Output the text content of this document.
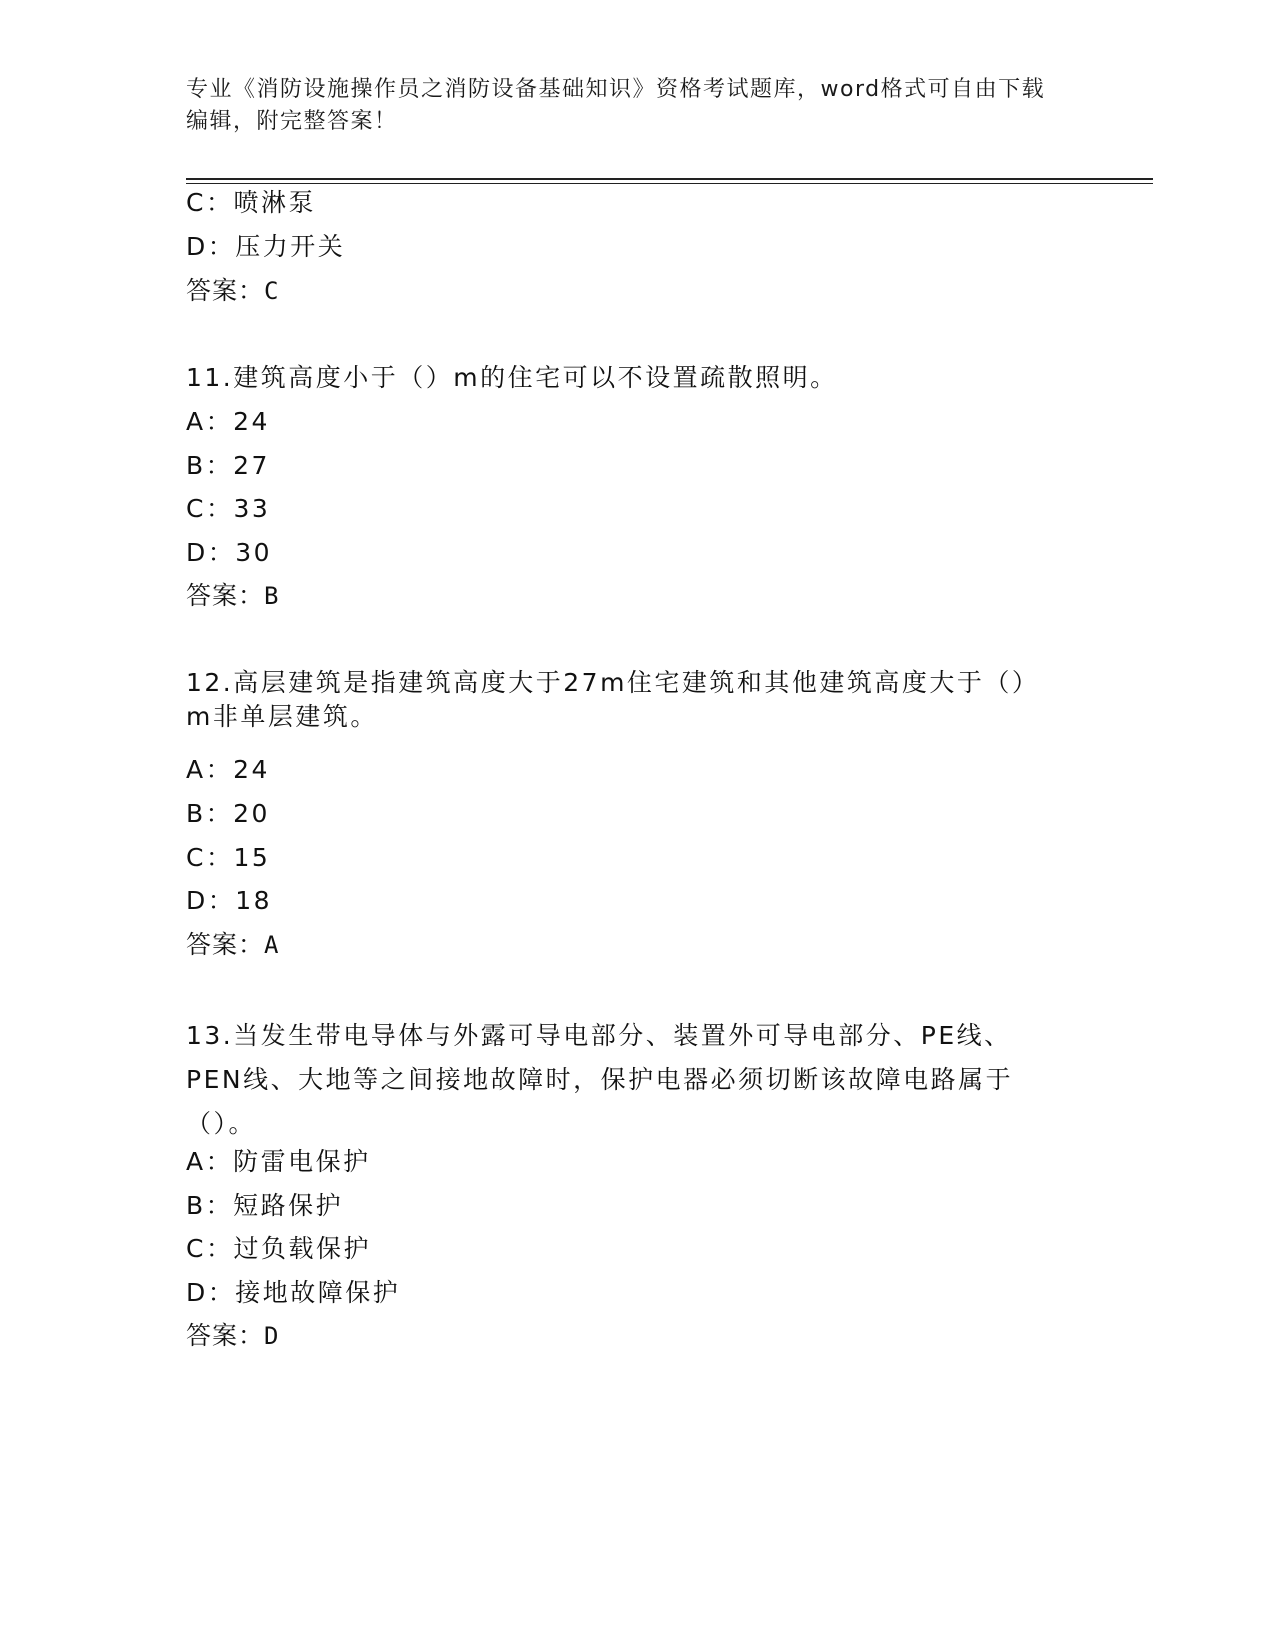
专业《消防设施操作员之消防设备基础知识》资格考试题库，word格式可自由下载编辑，附完整答案！
C：喷淋泵
D：压力开关
答案：C
11.建筑高度小于（）m的住宅可以不设置疏散照明。
A：24
B：27
C：33
D：30
答案：B
12.高层建筑是指建筑高度大于27m住宅建筑和其他建筑高度大于（）m非单层建筑。
A：24
B：20
C：15
D：18
答案：A
13.当发生带电导体与外露可导电部分、装置外可导电部分、PE线、PEN线、大地等之间接地故障时，保护电器必须切断该故障电路属于（）。
A：防雷电保护
B：短路保护
C：过负载保护
D：接地故障保护
答案：D
